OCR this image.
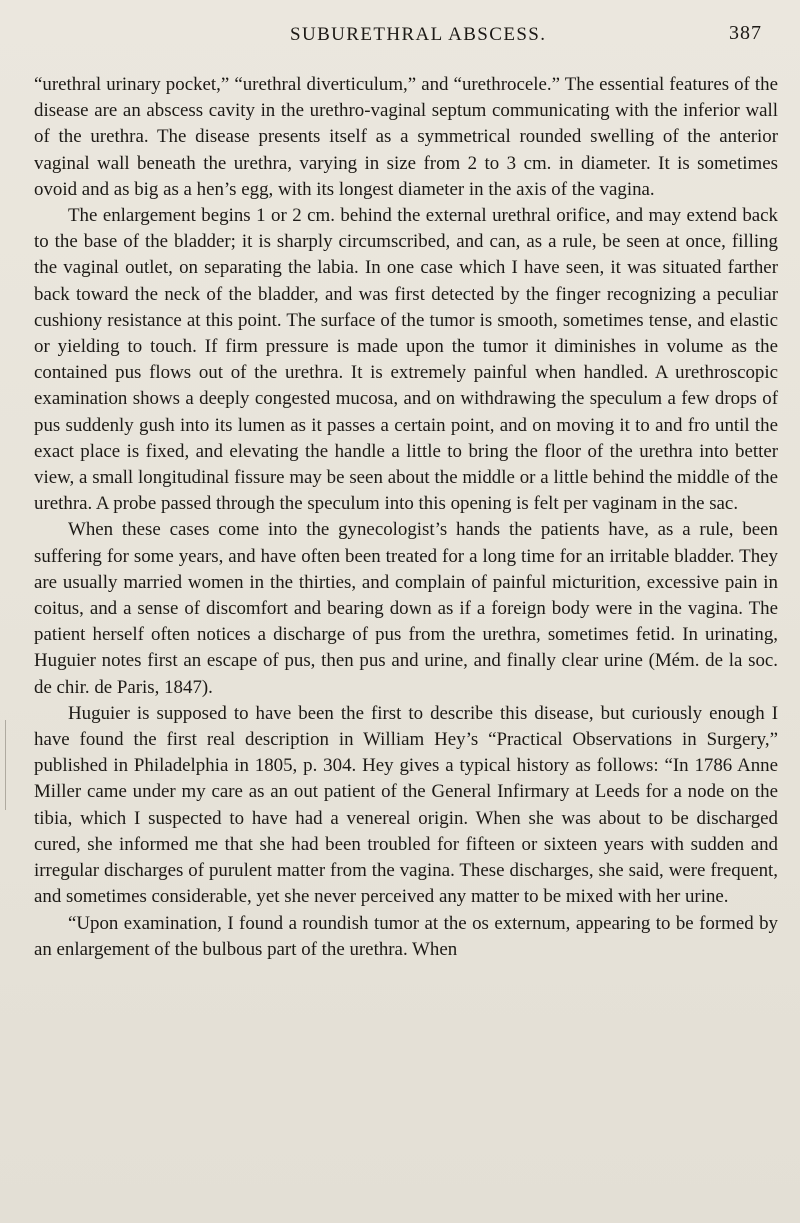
SUBURETHRAL ABSCESS.	387

“urethral urinary pocket,” “urethral diverticulum,” and “urethrocele.” The essential features of the disease are an abscess cavity in the urethro-vaginal septum communicating with the inferior wall of the urethra. The disease presents itself as a symmetrical rounded swelling of the anterior vaginal wall beneath the urethra, varying in size from 2 to 3 cm. in diameter. It is sometimes ovoid and as big as a hen’s egg, with its longest diameter in the axis of the vagina.

The enlargement begins 1 or 2 cm. behind the external urethral orifice, and may extend back to the base of the bladder; it is sharply circumscribed, and can, as a rule, be seen at once, filling the vaginal outlet, on separating the labia. In one case which I have seen, it was situated farther back toward the neck of the bladder, and was first detected by the finger recognizing a peculiar cushiony resistance at this point. The surface of the tumor is smooth, sometimes tense, and elastic or yielding to touch. If firm pressure is made upon the tumor it diminishes in volume as the contained pus flows out of the urethra. It is extremely painful when handled. A urethroscopic examination shows a deeply congested mucosa, and on withdrawing the speculum a few drops of pus suddenly gush into its lumen as it passes a certain point, and on moving it to and fro until the exact place is fixed, and elevating the handle a little to bring the floor of the urethra into better view, a small longitudinal fissure may be seen about the middle or a little behind the middle of the urethra. A probe passed through the speculum into this opening is felt per vaginam in the sac.

When these cases come into the gynecologist’s hands the patients have, as a rule, been suffering for some years, and have often been treated for a long time for an irritable bladder. They are usually married women in the thirties, and complain of painful micturition, excessive pain in coitus, and a sense of discomfort and bearing down as if a foreign body were in the vagina. The patient herself often notices a discharge of pus from the urethra, sometimes fetid. In urinating, Huguier notes first an escape of pus, then pus and urine, and finally clear urine (Mém. de la soc. de chir. de Paris, 1847).

Huguier is supposed to have been the first to describe this disease, but curiously enough I have found the first real description in William Hey’s “Practical Observations in Surgery,” published in Philadelphia in 1805, p. 304. Hey gives a typical history as follows: “In 1786 Anne Miller came under my care as an out patient of the General Infirmary at Leeds for a node on the tibia, which I suspected to have had a venereal origin. When she was about to be discharged cured, she informed me that she had been troubled for fifteen or sixteen years with sudden and irregular discharges of purulent matter from the vagina. These discharges, she said, were frequent, and sometimes considerable, yet she never perceived any matter to be mixed with her urine.

“Upon examination, I found a roundish tumor at the os externum, appearing to be formed by an enlargement of the bulbous part of the urethra. When
